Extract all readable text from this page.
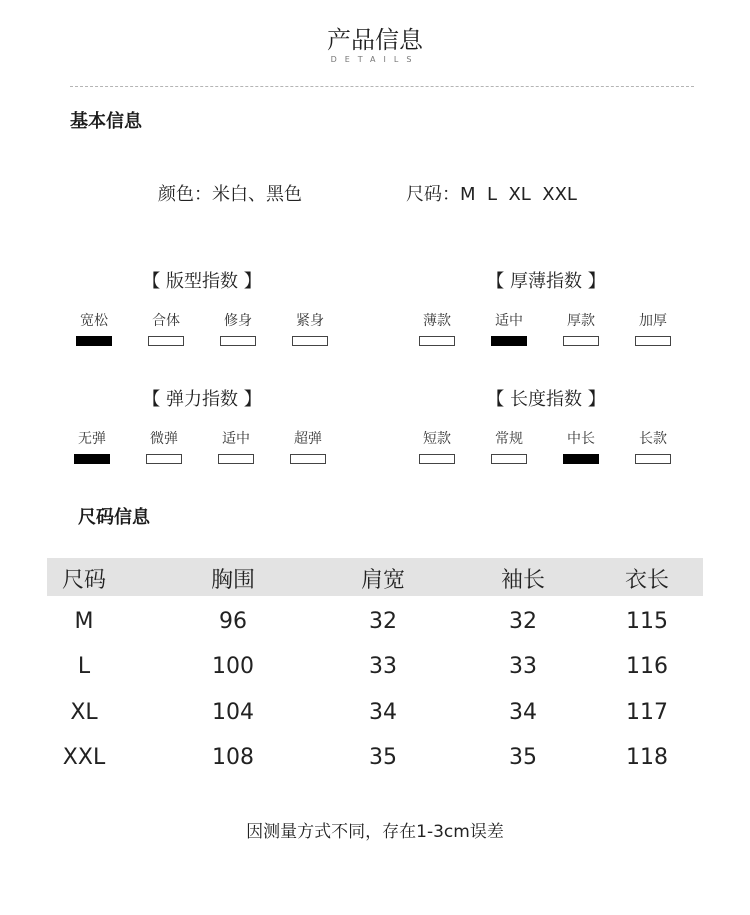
产品信息
DETAILS
基本信息
颜色：米白、黑色	尺码：M  L  XL  XXL
【 版型指数 】
宽松	合体	修身	紧身
【 厚薄指数 】
薄款	适中	厚款	加厚
【 弹力指数 】
无弹	微弹	适中	超弹
【 长度指数 】
短款	常规	中长	长款
尺码信息
尺码	胸围	肩宽	袖长	衣长
M	96	32	32	115
L	100	33	33	116
XL	104	34	34	117
XXL	108	35	35	118
因测量方式不同，存在1-3cm误差
